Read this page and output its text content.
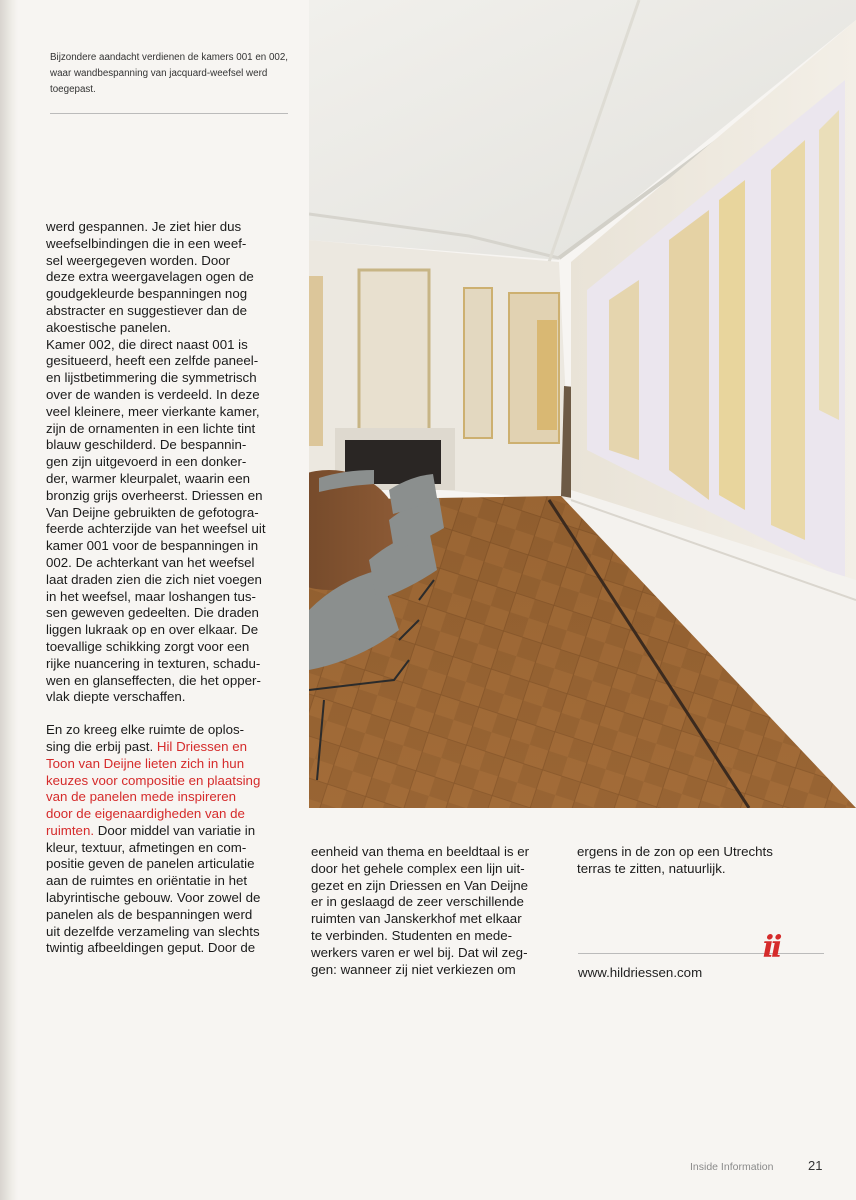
Bijzondere aandacht verdienen de kamers 001 en 002, waar wandbespanning van jacquard-weefsel werd toegepast.

werd gespannen. Je ziet hier dus
weefselbindingen die in een weef-
sel weergegeven worden. Door
deze extra weergavelagen ogen de
goudgekleurde bespanningen nog
abstracter en suggestiever dan de
akoestische panelen.
Kamer 002, die direct naast 001 is
gesitueerd, heeft een zelfde paneel-
en lijstbetimmering die symmetrisch
over de wanden is verdeeld. In deze
veel kleinere, meer vierkante kamer,
zijn de ornamenten in een lichte tint
blauw geschilderd. De bespannin-
gen zijn uitgevoerd in een donker-
der, warmer kleurpalet, waarin een
bronzig grijs overheerst. Driessen en
Van Deijne gebruikten de gefotogra-
feerde achterzijde van het weefsel uit
kamer 001 voor de bespanningen in
002. De achterkant van het weefsel
laat draden zien die zich niet voegen
in het weefsel, maar loshangen tus-
sen geweven gedeelten. Die draden
liggen lukraak op en over elkaar. De
toevallige schikking zorgt voor een
rijke nuancering in texturen, schadu-
wen en glanseffecten, die het opper-
vlak diepte verschaffen.

En zo kreeg elke ruimte de oplos-
sing die erbij past. Hil Driessen en
Toon van Deijne lieten zich in hun
keuzes voor compositie en plaatsing
van de panelen mede inspireren
door de eigenaardigheden van de
ruimten. Door middel van variatie in
kleur, textuur, afmetingen en com-
positie geven de panelen articulatie
aan de ruimtes en oriëntatie in het
labyrintische gebouw. Voor zowel de
panelen als de bespanningen werd
uit dezelfde verzameling van slechts
twintig afbeeldingen geput. Door de

eenheid van thema en beeldtaal is er
door het gehele complex een lijn uit-
gezet en zijn Driessen en Van Deijne
er in geslaagd de zeer verschillende
ruimten van Janskerkhof met elkaar
te verbinden. Studenten en mede-
werkers varen er wel bij. Dat wil zeg-
gen: wanneer zij niet verkiezen om

ergens in de zon op een Utrechts
terras te zitten, natuurlijk.

ii
www.hildriessen.com
Inside Information	21
